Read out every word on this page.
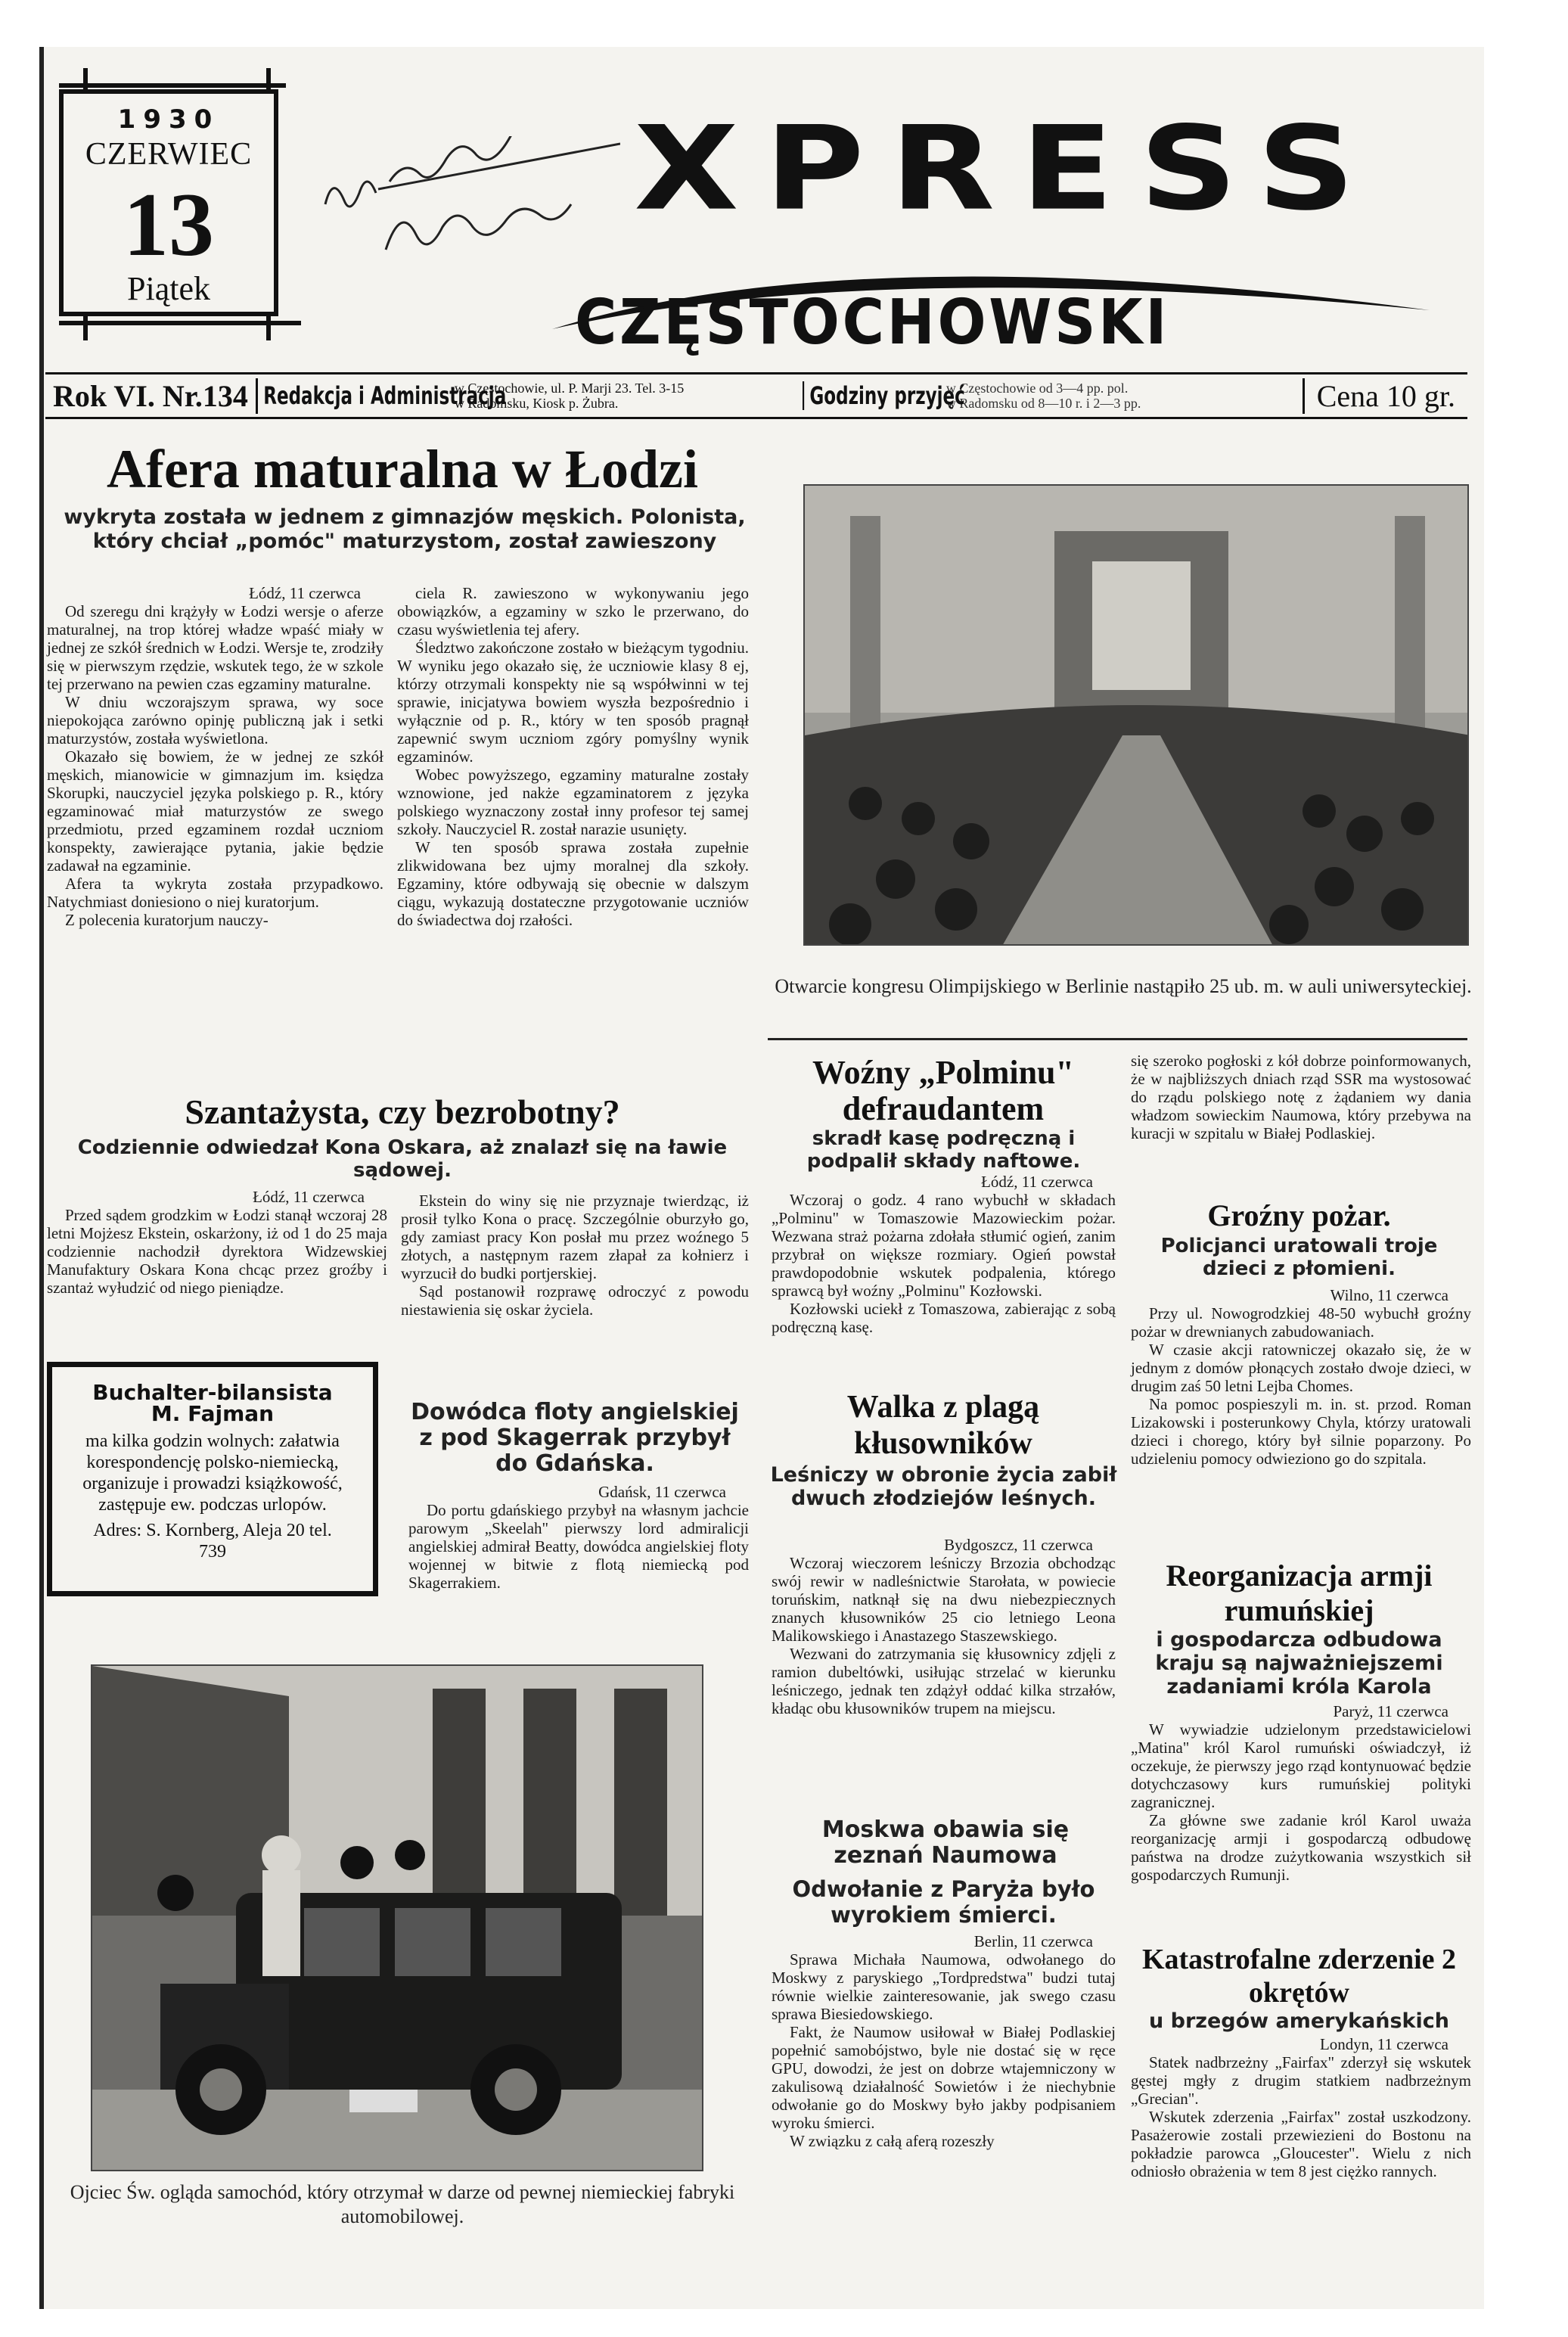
1930
CZERWIEC
13
Piątek
XPRESS
CZĘSTOCHOWSKI
Rok VI. Nr.134 Redakcja i Administracja
w Częstochowie, ul. P. Marji 23. Tel. 3-15
w Radomsku, Kiosk p. Żubra.	Godziny przyjęć
w Częstochowie od 3—4 pp. pol.
w Radomsku od 8—10 r. i 2—3 pp.	Cena 10 gr.
Afera maturalna w Łodzi
wykryta została w jednem z gimnazjów męskich. Polonista, który chciał „pomóc" maturzystom, został zawieszony

Łódź, 11 czerwca

Od szeregu dni krążyły w Łodzi wersje o aferze maturalnej, na trop której władze wpaść miały w jednej ze szkół średnich w Łodzi. Wersje te, zrodziły się w pierwszym rzędzie, wskutek tego, że w szkole tej przerwano na pewien czas egzaminy maturalne.

W dniu wczorajszym sprawa, wy soce niepokojąca zarówno opinję publiczną jak i setki maturzystów, została wyświetlona.

Okazało się bowiem, że w jednej ze szkół męskich, mianowicie w gimnazjum im. księdza Skorupki, nauczyciel języka polskiego p. R., który egzaminować miał maturzystów ze swego przedmiotu, przed egzaminem rozdał uczniom konspekty, zawierające pytania, jakie będzie zadawał na egzaminie.

Afera ta wykryta została przypadkowo. Natychmiast doniesiono o niej kuratorjum.

Z polecenia kuratorjum nauczy-

ciela R. zawieszono w wykonywaniu jego obowiązków, a egzaminy w szko le przerwano, do czasu wyświetlenia tej afery.

Śledztwo zakończone zostało w bieżącym tygodniu. W wyniku jego okazało się, że uczniowie klasy 8 ej, którzy otrzymali konspekty nie są współwinni w tej sprawie, inicjatywa bowiem wyszła bezpośrednio i wyłącznie od p. R., który w ten sposób pragnął zapewnić swym uczniom zgóry pomyślny wynik egzaminów.

Wobec powyższego, egzaminy maturalne zostały wznowione, jed nakże egzaminatorem z języka polskiego wyznaczony został inny profesor tej samej szkoły. Nauczyciel R. został narazie usunięty.

W ten sposób sprawa została zupełnie zlikwidowana bez ujmy moralnej dla szkoły. Egzaminy, które odbywają się obecnie w dalszym ciągu, wykazują dostateczne przygotowanie uczniów do świadectwa doj rzałości.

Otwarcie kongresu Olimpijskiego w Berlinie nastąpiło 25 ub. m. w auli uniwersyteckiej.
Szantażysta, czy bezrobotny?
Codziennie odwiedzał Kona Oskara, aż znalazł się na ławie sądowej.

Łódź, 11 czerwca

Przed sądem grodzkim w Łodzi stanął wczoraj 28 letni Mojżesz Ekstein, oskarżony, iż od 1 do 25 maja codziennie nachodził dyrektora Widzewskiej Manufaktury Oskara Kona chcąc przez groźby i szantaż wyłudzić od niego pieniądze.

Ekstein do winy się nie przyznaje twierdząc, iż prosił tylko Kona o pracę. Szczególnie oburzyło go, gdy zamiast pracy Kon posłał mu przez woźnego 5 złotych, a następnym razem złapał za kołnierz i wyrzucił do budki portjerskiej.

Sąd postanowił rozprawę odroczyć z powodu niestawienia się oskar życiela.

Buchalter-bilansista
M. Fajman
ma kilka godzin wolnych: załatwia korespondencję polsko-niemiecką, organizuje i prowadzi książkowość, zastępuje ew. podczas urlopów.
Adres: S. Kornberg, Aleja 20 tel. 739
Dowódca floty angielskiej z pod Skagerrak przybył do Gdańska.

Gdańsk, 11 czerwca

Do portu gdańskiego przybył na własnym jachcie parowym „Skeelah" pierwszy lord admiralicji angielskiej admirał Beatty, dowódca angielskiej floty wojennej w bitwie z flotą niemiecką pod Skagerrakiem.

Ojciec Św. ogląda samochód, który otrzymał w darze od pewnej niemieckiej fabryki automobilowej.
Woźny „Polminu" defraudantem
skradł kasę podręczną i podpalił składy naftowe.

Łódź, 11 czerwca

Wczoraj o godz. 4 rano wybuchł w składach „Polminu" w Tomaszowie Mazowieckim pożar. Wezwana straż pożarna zdołała stłumić ogień, zanim przybrał on większe rozmiary. Ogień powstał prawdopodobnie wskutek podpalenia, którego sprawcą był woźny „Polminu" Kozłowski.

Kozłowski uciekł z Tomaszowa, zabierając z sobą podręczną kasę.

Walka z plagą kłusowników
Leśniczy w obronie życia zabił dwuch złodziejów leśnych.

Bydgoszcz, 11 czerwca

Wczoraj wieczorem leśniczy Brzozia obchodząc swój rewir w nadleśnictwie Starołata, w powiecie toruńskim, natknął się na dwu niebezpiecznych znanych kłusowników 25 cio letniego Leona Malikowskiego i Anastazego Staszewskiego.

Wezwani do zatrzymania się kłusownicy zdjęli z ramion dubeltówki, usiłując strzelać w kierunku leśniczego, jednak ten zdążył oddać kilka strzałów, kładąc obu kłusowników trupem na miejscu.

Moskwa obawia się zeznań Naumowa
Odwołanie z Paryża było wyrokiem śmierci.

Berlin, 11 czerwca

Sprawa Michała Naumowa, odwołanego do Moskwy z paryskiego „Tordpredstwa" budzi tutaj równie wielkie zainteresowanie, jak swego czasu sprawa Biesiedowskiego.

Fakt, że Naumow usiłował w Białej Podlaskiej popełnić samobójstwo, byle nie dostać się w ręce GPU, dowodzi, że jest on dobrze wtajemniczony w zakulisową działalność Sowietów i że niechybnie odwołanie go do Moskwy było jakby podpisaniem wyroku śmierci.

W związku z całą aferą rozeszły

się szeroko pogłoski z kół dobrze poinformowanych, że w najbliższych dniach rząd SSR ma wystosować do rządu polskiego notę z żądaniem wy dania władzom sowieckim Naumowa, który przebywa na kuracji w szpitalu w Białej Podlaskiej.

Groźny pożar.
Policjanci uratowali troje dzieci z płomieni.

Wilno, 11 czerwca

Przy ul. Nowogrodzkiej 48-50 wybuchł groźny pożar w drewnianych zabudowaniach.

W czasie akcji ratowniczej okazało się, że w jednym z domów płonących zostało dwoje dzieci, w drugim zaś 50 letni Lejba Chomes.

Na pomoc pospieszyli m. in. st. przod. Roman Lizakowski i posterunkowy Chyla, którzy uratowali dzieci i chorego, który był silnie poparzony. Po udzieleniu pomocy odwieziono go do szpitala.

Reorganizacja armji rumuńskiej
i gospodarcza odbudowa kraju są najważniejszemi zadaniami króla Karola

Paryż, 11 czerwca

W wywiadzie udzielonym przedstawicielowi „Matina" król Karol rumuński oświadczył, iż oczekuje, że pierwszy jego rząd kontynuować będzie dotychczasowy kurs rumuńskiej polityki zagranicznej.

Za główne swe zadanie król Karol uważa reorganizację armji i gospodarczą odbudowę państwa na drodze zużytkowania wszystkich sił gospodarczych Rumunji.

Katastrofalne zderzenie 2 okrętów
u brzegów amerykańskich

Londyn, 11 czerwca

Statek nadbrzeżny „Fairfax" zderzył się wskutek gęstej mgły z drugim statkiem nadbrzeżnym „Grecian".

Wskutek zderzenia „Fairfax" został uszkodzony. Pasażerowie zostali przewiezieni do Bostonu na pokładzie parowca „Gloucester". Wielu z nich odniosło obrażenia w tem 8 jest ciężko rannych.
